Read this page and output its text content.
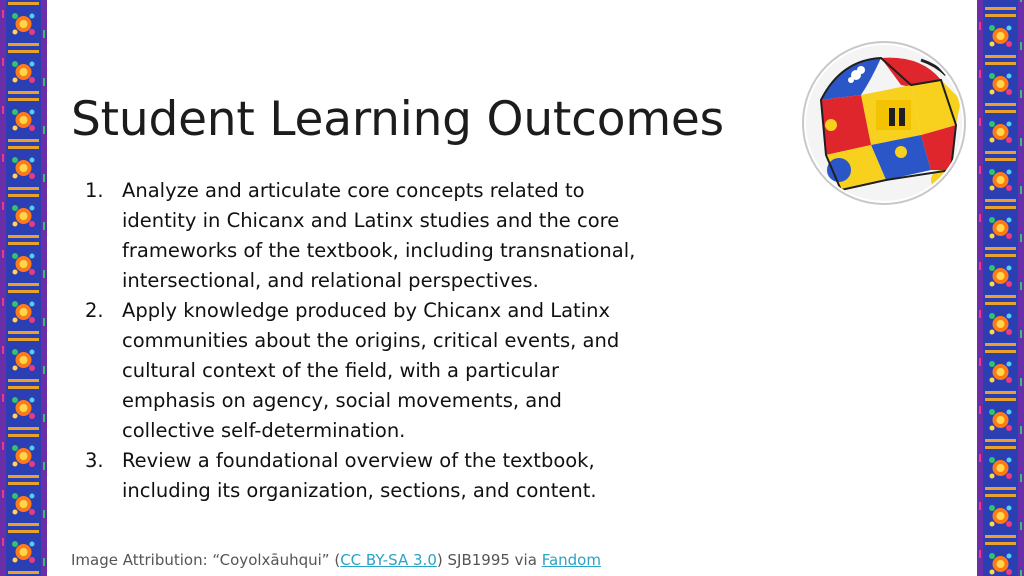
Student Learning Outcomes
1. Analyze and articulate core concepts related to
identity in Chicanx and Latinx studies and the core
frameworks of the textbook, including transnational,
intersectional, and relational perspectives.
2. Apply knowledge produced by Chicanx and Latinx
communities about the origins, critical events, and
cultural context of the field, with a particular
emphasis on agency, social movements, and
collective self-determination.
3. Review a foundational overview of the textbook,
including its organization, sections, and content.
Image Attribution: “Coyolxāuhqui” (CC BY-SA 3.0) SJB1995 via Fandom
